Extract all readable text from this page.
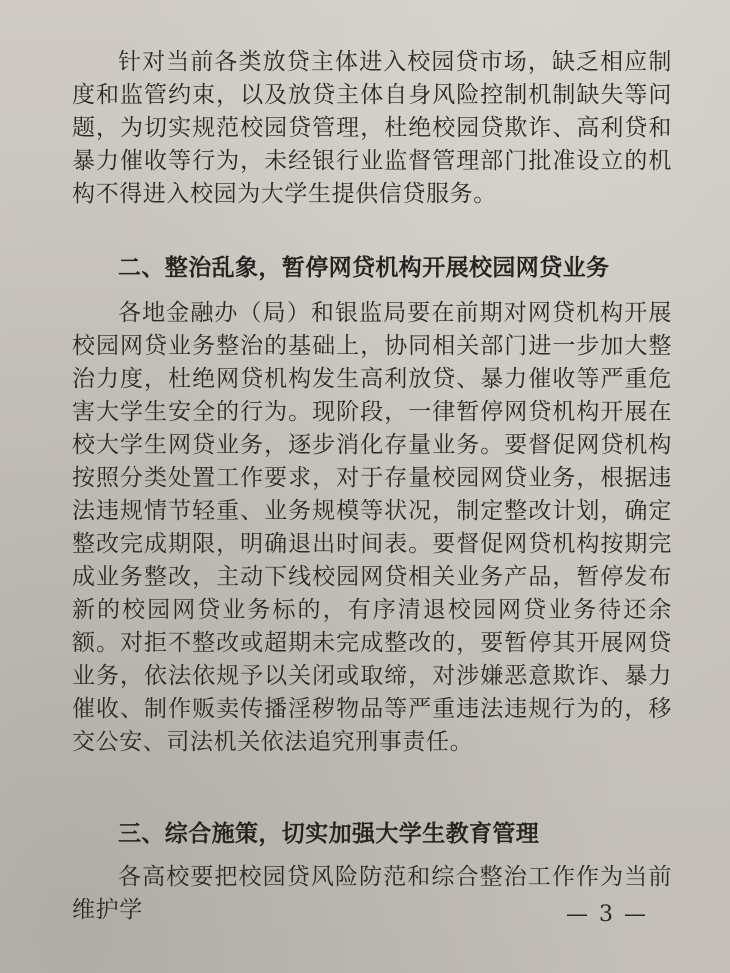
针对当前各类放贷主体进入校园贷市场，缺乏相应制度和监管约束，以及放贷主体自身风险控制机制缺失等问题，为切实规范校园贷管理，杜绝校园贷欺诈、高利贷和暴力催收等行为，未经银行业监督管理部门批准设立的机构不得进入校园为大学生提供信贷服务。

二、整治乱象，暂停网贷机构开展校园网贷业务

各地金融办（局）和银监局要在前期对网贷机构开展校园网贷业务整治的基础上，协同相关部门进一步加大整治力度，杜绝网贷机构发生高利放贷、暴力催收等严重危害大学生安全的行为。现阶段，一律暂停网贷机构开展在校大学生网贷业务，逐步消化存量业务。要督促网贷机构按照分类处置工作要求，对于存量校园网贷业务，根据违法违规情节轻重、业务规模等状况，制定整改计划，确定整改完成期限，明确退出时间表。要督促网贷机构按期完成业务整改，主动下线校园网贷相关业务产品，暂停发布新的校园网贷业务标的，有序清退校园网贷业务待还余额。对拒不整改或超期未完成整改的，要暂停其开展网贷业务，依法依规予以关闭或取缔，对涉嫌恶意欺诈、暴力催收、制作贩卖传播淫秽物品等严重违法违规行为的，移交公安、司法机关依法追究刑事责任。

三、综合施策，切实加强大学生教育管理

各高校要把校园贷风险防范和综合整治工作作为当前维护学	— 3 —
